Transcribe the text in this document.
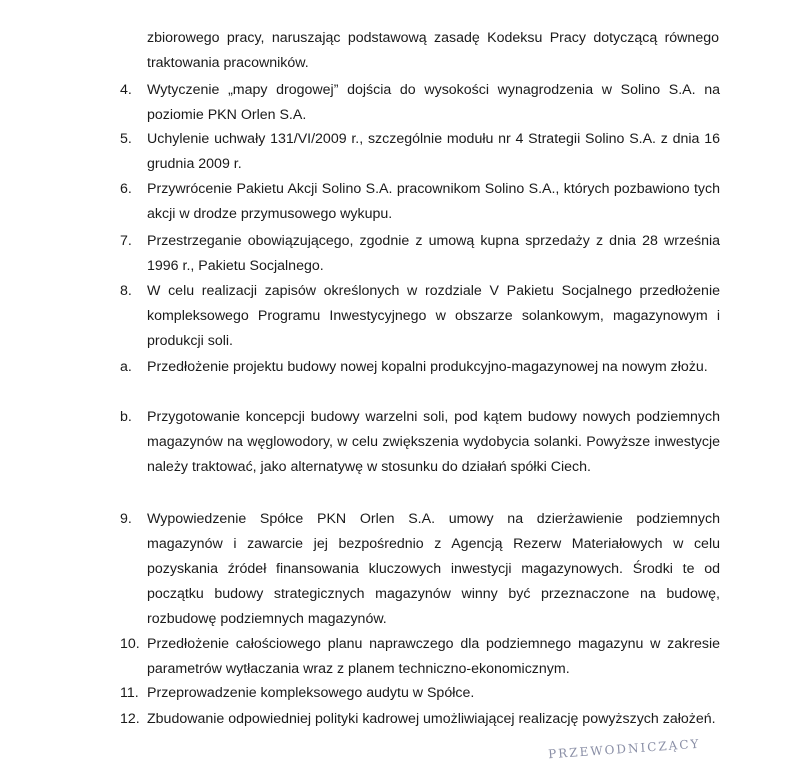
zbiorowego pracy, naruszając podstawową zasadę Kodeksu Pracy dotyczącą równego traktowania pracowników.

4.	Wytyczenie „mapy drogowej” dojścia do wysokości wynagrodzenia w Solino S.A. na poziomie PKN Orlen S.A.
5.	Uchylenie uchwały 131/VI/2009 r., szczególnie modułu nr 4 Strategii Solino S.A. z dnia 16 grudnia 2009 r.
6.	Przywrócenie Pakietu Akcji Solino S.A. pracownikom Solino S.A., których pozbawiono tych akcji w drodze przymusowego wykupu.
7.	Przestrzeganie obowiązującego, zgodnie z umową kupna sprzedaży z dnia 28 września 1996 r., Pakietu Socjalnego.
8.	W celu realizacji zapisów określonych w rozdziale V Pakietu Socjalnego przedłożenie kompleksowego Programu Inwestycyjnego w obszarze solankowym, magazynowym i produkcji soli.
a.	Przedłożenie projektu budowy nowej kopalni produkcyjno-magazynowej na nowym złożu.
b.	Przygotowanie koncepcji budowy warzelni soli, pod kątem budowy nowych podziemnych magazynów na węglowodory, w celu zwiększenia wydobycia solanki. Powyższe inwestycje należy traktować, jako alternatywę w stosunku do działań spółki Ciech.
9.	Wypowiedzenie Spółce PKN Orlen S.A. umowy na dzierżawienie podziemnych magazynów i zawarcie jej bezpośrednio z Agencją Rezerw Materiałowych w celu pozyskania źródeł finansowania kluczowych inwestycji magazynowych. Środki te od początku budowy strategicznych magazynów winny być przeznaczone na budowę, rozbudowę podziemnych magazynów.
10. Przedłożenie całościowego planu naprawczego dla podziemnego magazynu w zakresie parametrów wytłaczania wraz z planem techniczno-ekonomicznym.
11. Przeprowadzenie kompleksowego audytu w Spółce.
12. Zbudowanie odpowiedniej polityki kadrowej umożliwiającej realizację powyższych założeń.
PRZEWODNICZĄCY
